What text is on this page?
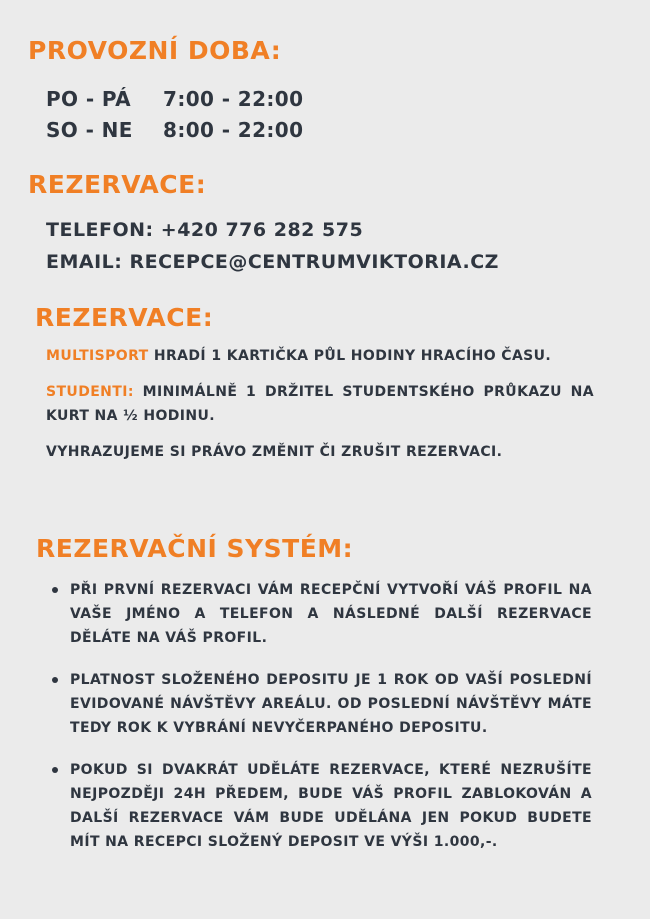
PROVOZNÍ DOBA:
PO - PÁ	7:00 - 22:00
SO - NE	8:00 - 22:00
REZERVACE:
TELEFON: +420 776 282 575
EMAIL: RECEPCE@CENTRUMVIKTORIA.CZ
REZERVACE:

MULTISPORT HRADÍ 1 KARTIČKA PŮL HODINY HRACÍHO ČASU.

STUDENTI: MINIMÁLNĚ 1 DRŽITEL STUDENTSKÉHO PRŮKAZU NA KURT NA ½ HODINU.

VYHRAZUJEME SI PRÁVO ZMĚNIT ČI ZRUŠIT REZERVACI.

REZERVAČNÍ SYSTÉM:
PŘI PRVNÍ REZERVACI VÁM RECEPČNÍ VYTVOŘÍ VÁŠ PROFIL NA VAŠE JMÉNO A TELEFON A NÁSLEDNÉ DALŠÍ REZERVACE DĚLÁTE NA VÁŠ PROFIL.
PLATNOST SLOŽENÉHO DEPOSITU JE 1 ROK OD VAŠÍ POSLEDNÍ EVIDOVANÉ NÁVŠTĚVY AREÁLU. OD POSLEDNÍ NÁVŠTĚVY MÁTE TEDY ROK K VYBRÁNÍ NEVYČERPANÉHO DEPOSITU.
POKUD SI DVAKRÁT UDĚLÁTE REZERVACE, KTERÉ NEZRUŠÍTE NEJPOZDĚJI 24H PŘEDEM, BUDE VÁŠ PROFIL ZABLOKOVÁN A DALŠÍ REZERVACE VÁM BUDE UDĚLÁNA JEN POKUD BUDETE MÍT NA RECEPCI SLOŽENÝ DEPOSIT VE VÝŠI 1.000,-.
